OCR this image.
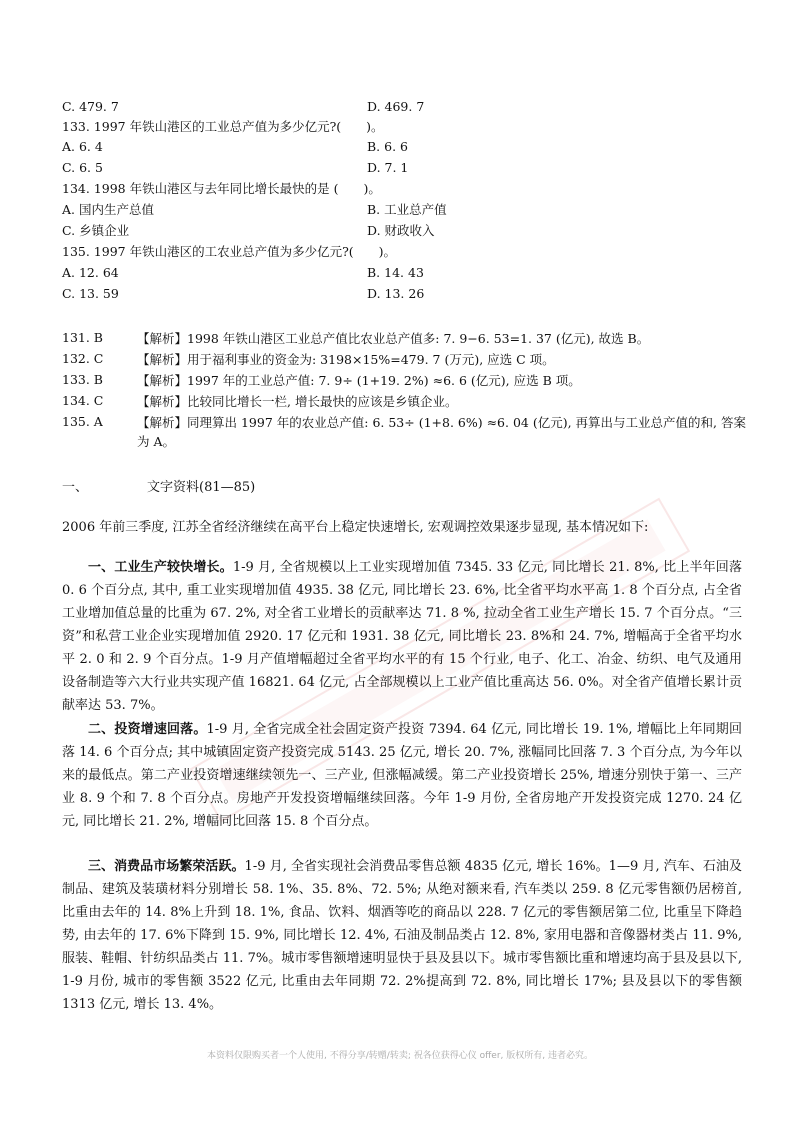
C. 479. 7	D. 469. 7
133. 1997 年铁山港区的工业总产值为多少亿元?(　　)。
A. 6. 4	B. 6. 6
C. 6. 5	D. 7. 1
134. 1998 年铁山港区与去年同比增长最快的是 (　　)。
A. 国内生产总值	B. 工业总产值
C. 乡镇企业	D. 财政收入
135. 1997 年铁山港区的工农业总产值为多少亿元?(　　)。
A. 12. 64	B. 14. 43
C. 13. 59	D. 13. 26
131. B	【解析】1998 年铁山港区工业总产值比农业总产值多: 7. 9−6. 53=1. 37 (亿元), 故选 B。
132. C	【解析】用于福利事业的资金为: 3198×15%=479. 7 (万元), 应选 C 项。
133. B	【解析】1997 年的工业总产值: 7. 9÷ (1+19. 2%) ≈6. 6 (亿元), 应选 B 项。
134. C	【解析】比较同比增长一栏, 增长最快的应该是乡镇企业。
135. A	【解析】同理算出 1997 年的农业总产值: 6. 53÷ (1+8. 6%) ≈6. 04 (亿元), 再算出与工业总产值的和, 答案为 A。
一、	文字资料(81—85)
2006 年前三季度, 江苏全省经济继续在高平台上稳定快速增长, 宏观调控效果逐步显现, 基本情况如下:
一、工业生产较快增长。1-9 月, 全省规模以上工业实现增加值 7345. 33 亿元, 同比增长 21. 8%, 比上半年回落 0. 6 个百分点, 其中, 重工业实现增加值 4935. 38 亿元, 同比增长 23. 6%, 比全省平均水平高 1. 8 个百分点, 占全省工业增加值总量的比重为 67. 2%, 对全省工业增长的贡献率达 71. 8 %, 拉动全省工业生产增长 15. 7 个百分点。“三资”和私营工业企业实现增加值 2920. 17 亿元和 1931. 38 亿元, 同比增长 23. 8%和 24. 7%, 增幅高于全省平均水平 2. 0 和 2. 9 个百分点。1-9 月产值增幅超过全省平均水平的有 15 个行业, 电子、化工、冶金、纺织、电气及通用设备制造等六大行业共实现产值 16821. 64 亿元, 占全部规模以上工业产值比重高达 56. 0%。对全省产值增长累计贡献率达 53. 7%。
二、投资增速回落。1-9 月, 全省完成全社会固定资产投资 7394. 64 亿元, 同比增长 19. 1%, 增幅比上年同期回落 14. 6 个百分点; 其中城镇固定资产投资完成 5143. 25 亿元, 增长 20. 7%, 涨幅同比回落 7. 3 个百分点, 为今年以来的最低点。第二产业投资增速继续领先一、三产业, 但涨幅减缓。第二产业投资增长 25%, 增速分别快于第一、三产业 8. 9 个和 7. 8 个百分点。房地产开发投资增幅继续回落。今年 1-9 月份, 全省房地产开发投资完成 1270. 24 亿元, 同比增长 21. 2%, 增幅同比回落 15. 8 个百分点。
三、消费品市场繁荣活跃。1-9 月, 全省实现社会消费品零售总额 4835 亿元, 增长 16%。1—9 月, 汽车、石油及制品、建筑及装璜材料分别增长 58. 1%、35. 8%、72. 5%; 从绝对额来看, 汽车类以 259. 8 亿元零售额仍居榜首, 比重由去年的 14. 8%上升到 18. 1%, 食品、饮料、烟酒等吃的商品以 228. 7 亿元的零售额居第二位, 比重呈下降趋势, 由去年的 17. 6%下降到 15. 9%, 同比增长 12. 4%, 石油及制品类占 12. 8%, 家用电器和音像器材类占 11. 9%, 服装、鞋帽、针纺织品类占 11. 7%。城市零售额增速明显快于县及县以下。城市零售额比重和增速均高于县及县以下, 1-9 月份, 城市的零售额 3522 亿元, 比重由去年同期 72. 2%提高到 72. 8%, 同比增长 17%; 县及县以下的零售额 1313 亿元, 增长 13. 4%。
本资料仅限购买者一个人使用, 不得分享/转赠/转卖; 祝各位获得心仪 offer, 版权所有, 违者必究。
